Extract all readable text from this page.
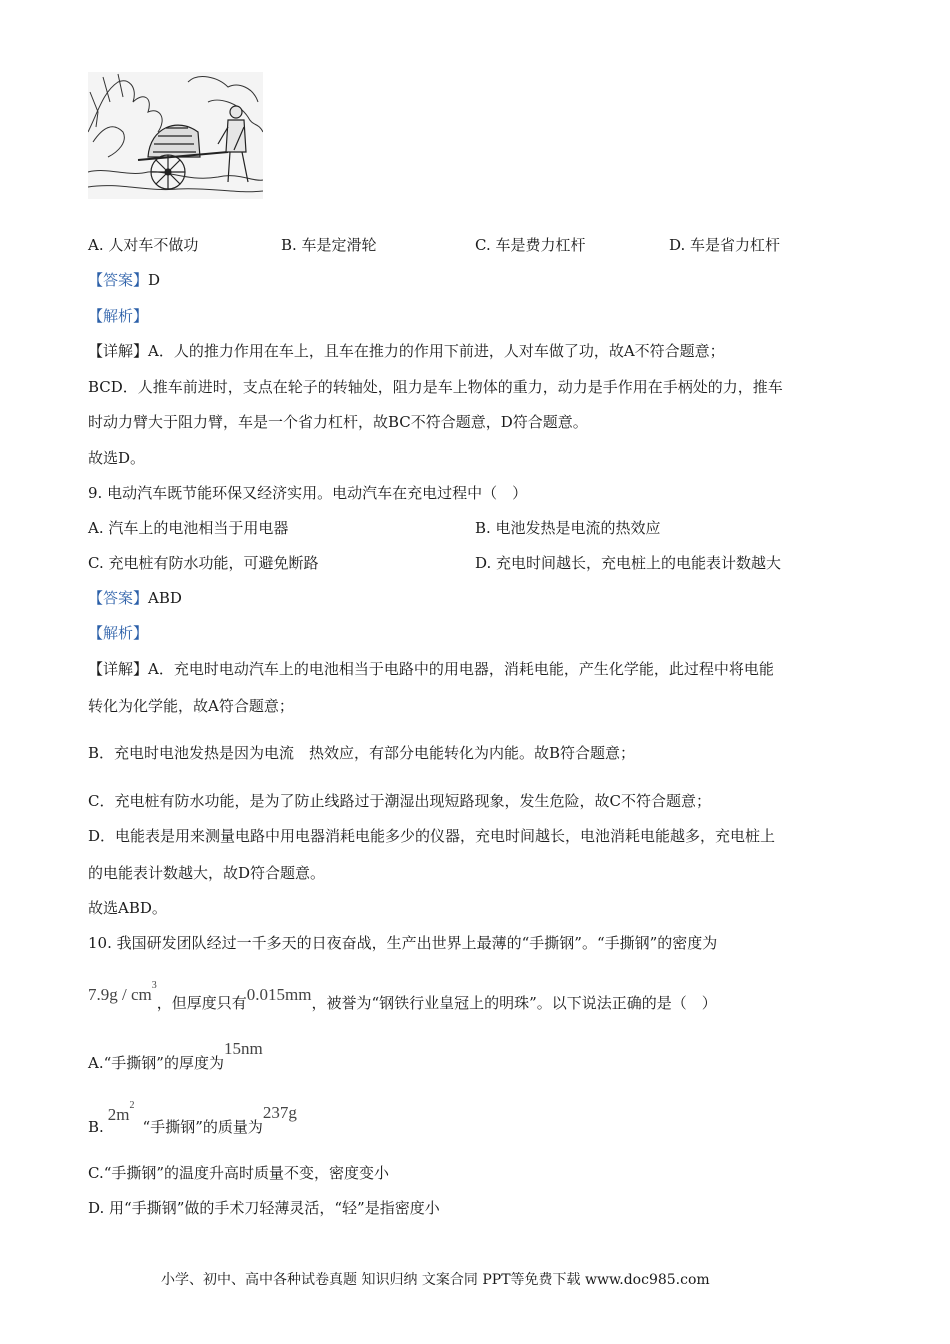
A. 人对车不做功	B. 车是定滑轮	C. 车是费力杠杆	D. 车是省力杠杆
【答案】D
【解析】
【详解】A．人的推力作用在车上，且车在推力的作用下前进，人对车做了功，故A不符合题意；
BCD．人推车前进时，支点在轮子的转轴处，阻力是车上物体的重力，动力是手作用在手柄处的力，推车
时动力臂大于阻力臂，车是一个省力杠杆，故BC不符合题意，D符合题意。
故选D。
9. 电动汽车既节能环保又经济实用。电动汽车在充电过程中（　）
A. 汽车上的电池相当于用电器	B. 电池发热是电流的热效应
C. 充电桩有防水功能，可避免断路	D. 充电时间越长，充电桩上的电能表计数越大
【答案】ABD
【解析】
【详解】A．充电时电动汽车上的电池相当于电路中的用电器，消耗电能，产生化学能，此过程中将电能
转化为化学能，故A符合题意；
B．充电时电池发热是因为电流　热效应，有部分电能转化为内能。故B符合题意；
C．充电桩有防水功能，是为了防止线路过于潮湿出现短路现象，发生危险，故C不符合题意；
D．电能表是用来测量电路中用电器消耗电能多少的仪器，充电时间越长，电池消耗电能越多，充电桩上
的电能表计数越大，故D符合题意。
故选ABD。
10. 我国研发团队经过一千多天的日夜奋战，生产出世界上最薄的“手撕钢”。“手撕钢”的密度为
$7.9g / cm^3$，但厚度只有0.015mm，被誉为“钢铁行业皇冠上的明珠”。以下说法正确的是（　）
A.“手撕钢”的厚度为15nm
$B.2m^2“$手撕钢”的质量为237g
C.“手撕钢”的温度升高时质量不变，密度变小
D. 用“手撕钢”做的手术刀轻薄灵活，“轻”是指密度小
小学、初中、高中各种试卷真题 知识归纳 文案合同 PPT等免费下载 www.doc985.com
